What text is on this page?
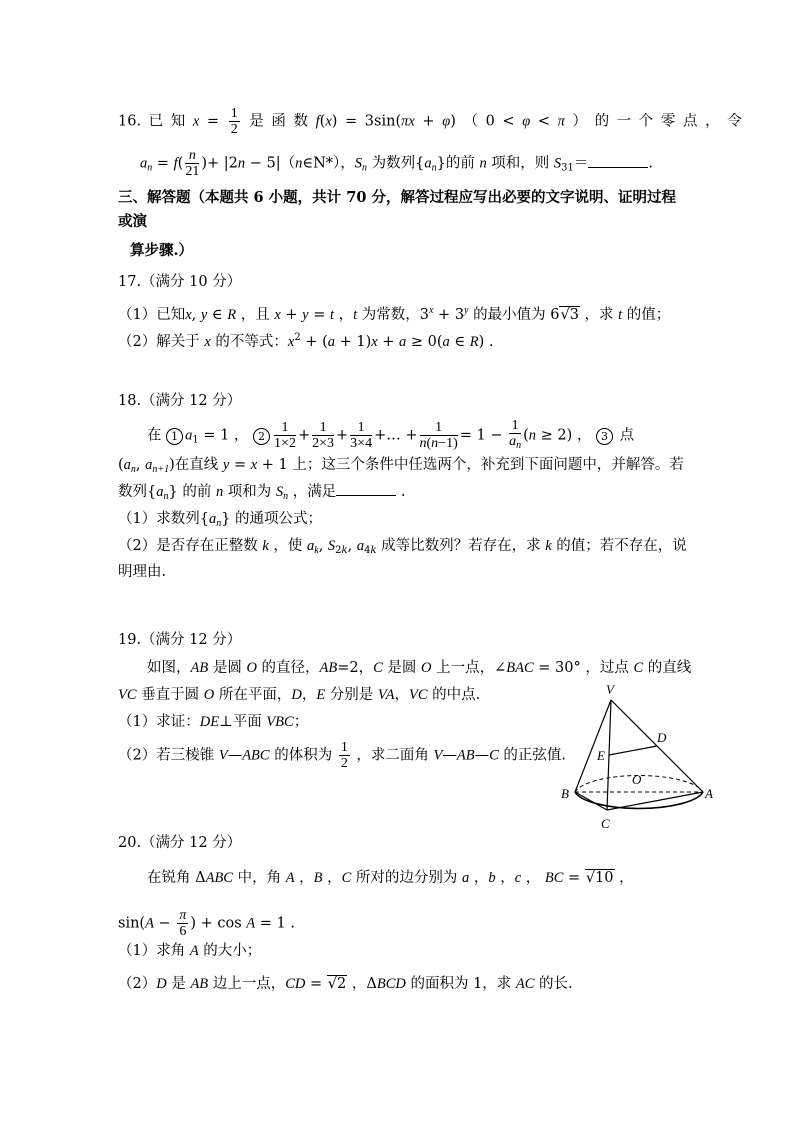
16. 已 知 $x = \frac{1}{2}$ 是 函 数 f(x) = 3sin(πx + φ) （ 0 < φ < π ） 的 一 个 零 点 ， 令
$a_n = f( \frac{n}{21}$ )+ |2n − 5|（n∈N*），$S_n$ 为数列$\{a_n\}$的前 n 项和，则 $S_{31}=$	.
三、解答题（本题共 6 小题，共计 70 分，解答过程应写出必要的文字说明、证明过程
或演
算步骤.）
17.（满分 10 分）
（1）已知x, y ∈ R ，且 x + y = t ，t 为常数，$3^x + 3^y$ 的最小值为 6√3 ，求 t 的值；
（2）解关于 x 的不等式：$x^2 + (a + 1)x + a \ge 0(a$ ∈ R) .
18.（满分 12 分）
在 1 $a_1 = 1$ ， $2 \frac{1}{1\times 2} + \frac{1}{2\times 3} + \frac{1}{3\times 4}$ +… + $\frac{1}{n(n-1)} = 1 - \frac{1}{a_n} (n \ge 2)$ ， 3 点
($a_n$, $a_{n+1}$)在直线 y = x + 1 上；这三个条件中任选两个，补充到下面问题中，并解答。若
数列$\{a_n\}$ 的前 n 项和为 $S_n$ ，满足	.
（1）求数列$\{a_n\}$ 的通项公式；
（2）是否存在正整数 k ，使 $a_k$, $S_{2k}$, $a_{4k}$ 成等比数列？若存在，求 k 的值；若不存在，说
明理由.
19.（满分 12 分）
如图，AB 是圆 O 的直径，AB=2，C 是圆 O 上一点，∠BAC = 30° ，过点 C 的直线
VC 垂直于圆 O 所在平面，D，E 分别是 VA，VC 的中点.
（1）求证：DE⊥平面 VBC；
（2）若三棱锥 V—ABC 的体积为 $\frac{1}{2}$ ，求二面角 V—AB—C 的正弦值.
V
D
E
O
B	A
C
20.（满分 12 分）
在锐角 ΔABC 中，角 A ，B ，C 所对的边分别为 a ，b ，c ， BC = √10 ，
$\sin(A - \frac{\pi}{6}$ ) + cos A = 1 .
（1）求角 A 的大小；
（2）D 是 AB 边上一点，CD = √2 ，ΔBCD 的面积为 1，求 AC 的长.
